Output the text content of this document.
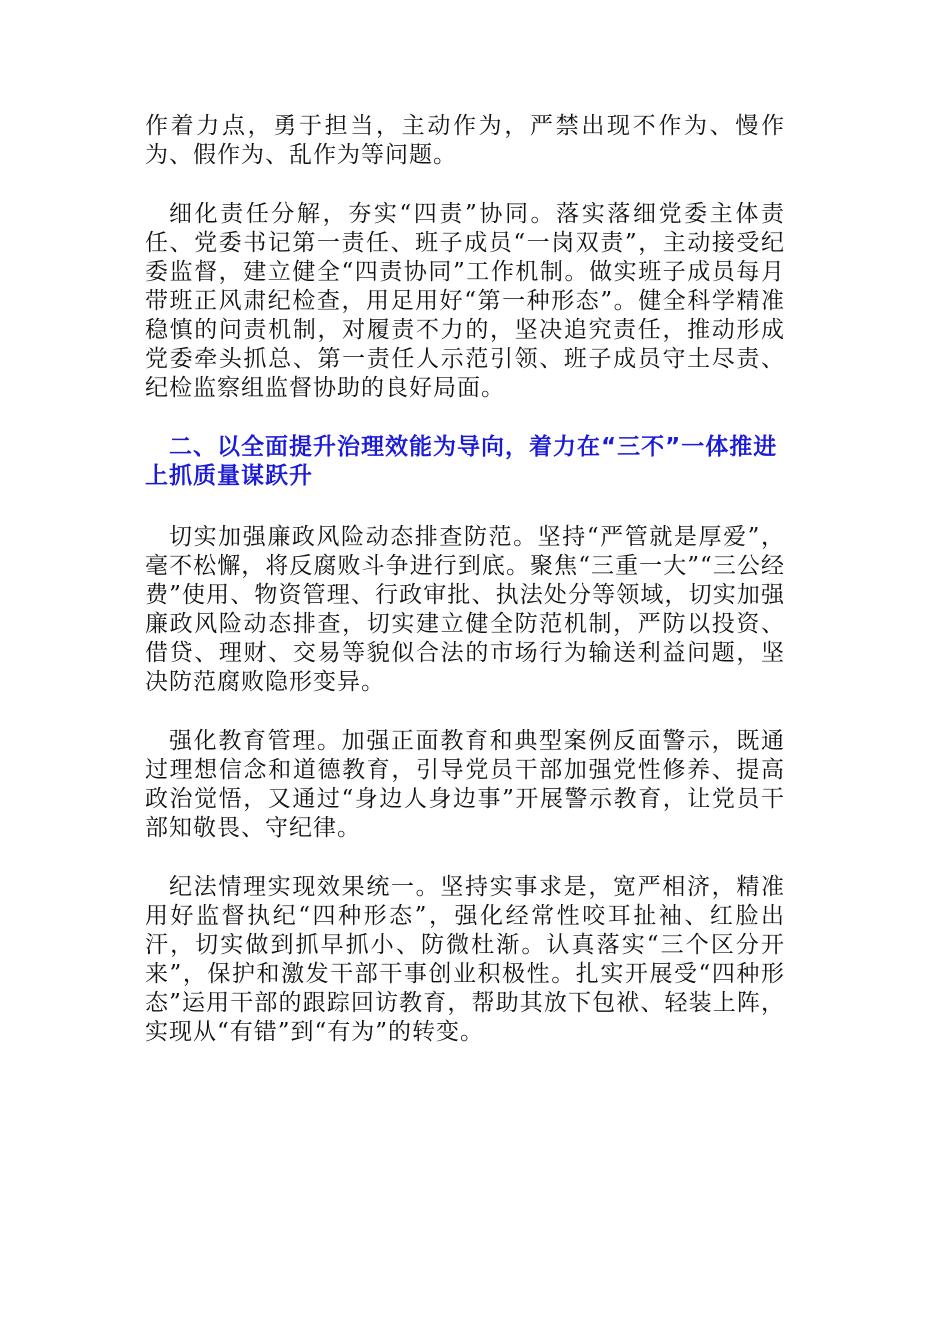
作着力点，勇于担当，主动作为，严禁出现不作为、慢作为、假作为、乱作为等问题。

细化责任分解，夯实“四责”协同。落实落细党委主体责任、党委书记第一责任、班子成员“一岗双责”，主动接受纪委监督，建立健全“四责协同”工作机制。做实班子成员每月带班正风肃纪检查，用足用好“第一种形态”。健全科学精准稳慎的问责机制，对履责不力的，坚决追究责任，推动形成党委牵头抓总、第一责任人示范引领、班子成员守土尽责、纪检监察组监督协助的良好局面。

二、以全面提升治理效能为导向，着力在“三不”一体推进上抓质量谋跃升

切实加强廉政风险动态排查防范。坚持“严管就是厚爱”，毫不松懈，将反腐败斗争进行到底。聚焦“三重一大”“三公经费”使用、物资管理、行政审批、执法处分等领域，切实加强廉政风险动态排查，切实建立健全防范机制，严防以投资、借贷、理财、交易等貌似合法的市场行为输送利益问题，坚决防范腐败隐形变异。

强化教育管理。加强正面教育和典型案例反面警示，既通过理想信念和道德教育，引导党员干部加强党性修养、提高政治觉悟，又通过“身边人身边事”开展警示教育，让党员干部知敬畏、守纪律。

纪法情理实现效果统一。坚持实事求是，宽严相济，精准用好监督执纪“四种形态”，强化经常性咬耳扯袖、红脸出汗，切实做到抓早抓小、防微杜渐。认真落实“三个区分开来”，保护和激发干部干事创业积极性。扎实开展受“四种形态”运用干部的跟踪回访教育，帮助其放下包袱、轻装上阵，实现从“有错”到“有为”的转变。
